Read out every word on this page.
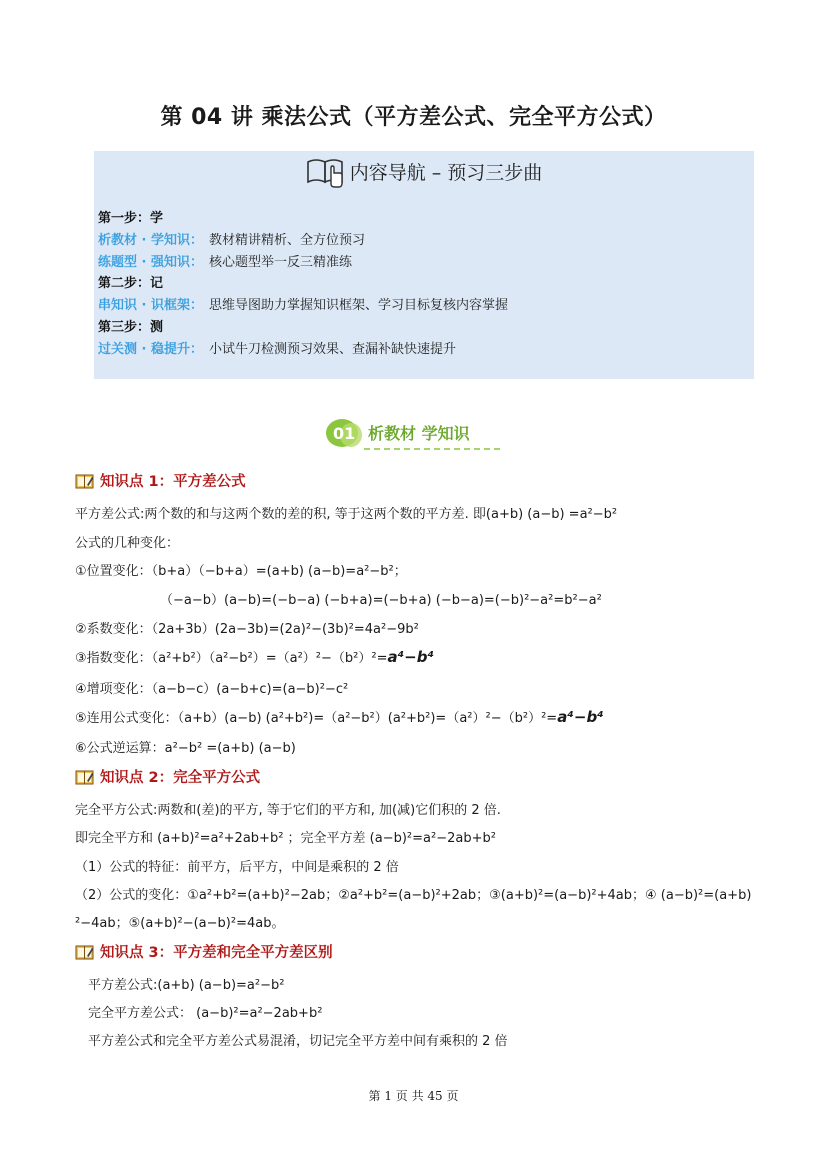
第 04 讲 乘法公式（平方差公式、完全平方公式）
内容导航 – 预习三步曲
第一步：学
析教材 · 学知识： 教材精讲精析、全方位预习
练题型 · 强知识： 核心题型举一反三精准练
第二步：记
串知识 · 识框架： 思维导图助力掌握知识框架、学习目标复核内容掌握
第三步：测
过关测 · 稳提升： 小试牛刀检测预习效果、查漏补缺快速提升
01 析教材 学知识
知识点 1：平方差公式
平方差公式:两个数的和与这两个数的差的积, 等于这两个数的平方差. 即(a+b) (a−b) =a²−b²
公式的几种变化：
①位置变化：（b+a）（−b+a）=(a+b) (a−b)=a²−b²；
（−a−b）(a−b)=(−b−a) (−b+a)=(−b+a) (−b−a)=(−b)²−a²=b²−a²
②系数变化：（2a+3b）(2a−3b)=(2a)²−(3b)²=4a²−9b²
③指数变化：（a²+b²）（a²−b²）=（a²）²−（b²）²=a⁴−b⁴
④增项变化：（a−b−c）(a−b+c)=(a−b)²−c²
⑤连用公式变化：（a+b）(a−b) (a²+b²)=（a²−b²）(a²+b²)=（a²）²−（b²）²=a⁴−b⁴
⑥公式逆运算：a²−b² =(a+b) (a−b)
知识点 2：完全平方公式
完全平方公式:两数和(差)的平方, 等于它们的平方和, 加(减)它们积的 2 倍.
即完全平方和 (a+b)²=a²+2ab+b² ；完全平方差 (a−b)²=a²−2ab+b²
（1）公式的特征：前平方，后平方，中间是乘积的 2 倍
（2）公式的变化：①a²+b²=(a+b)²−2ab；②a²+b²=(a−b)²+2ab；③(a+b)²=(a−b)²+4ab；④ (a−b)²=(a+b)
²−4ab；⑤(a+b)²−(a−b)²=4ab。
知识点 3：平方差和完全平方差区别
平方差公式:(a+b) (a−b)=a²−b²
完全平方差公式： (a−b)²=a²−2ab+b²
平方差公式和完全平方差公式易混淆，切记完全平方差中间有乘积的 2 倍
第 1 页 共 45 页
